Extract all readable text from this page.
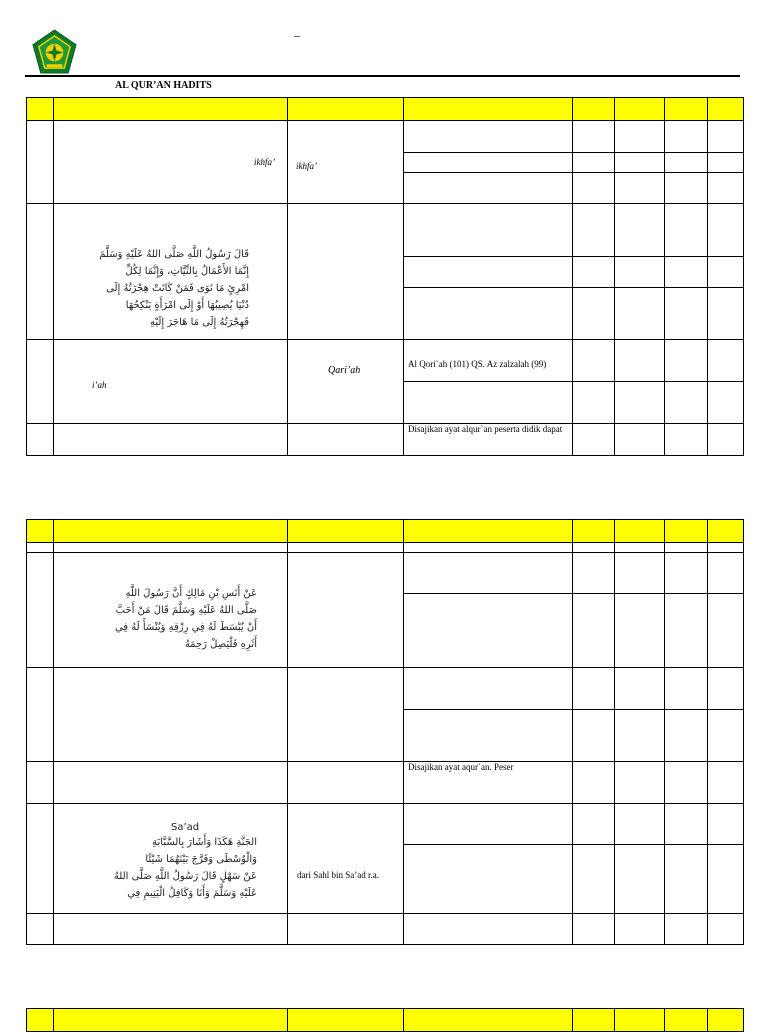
–
AL QUR’AN HADITS

	ikhfa’	ikhfa’					

	قَالَ رَسُولُ اللَّهِ صَلَّى اللهُ عَلَيْهِ وَسَلَّمَ
إِنَّمَا الأَعْمَالُ بِالنِّيَّاتِ، وَإِنَّمَا لِكُلِّ
امْرِئٍ مَا نَوَى فَمَنْ كَانَتْ هِجْرَتُهُ إِلَى
دُنْيَا يُصِيبُهَا أَوْ إِلَى امْرَأَةٍ يَنْكِحُهَا
فَهِجْرَتُهُ إِلَى مَا هَاجَرَ إِلَيْهِ						

	i’ah	Qari’ah	Al Qori`ah (101) QS. Az zalzalah (99)				

			Disajikan ayat alqur`an peserta didik dapat				

	عَنْ أَنَسِ بْنِ مَالِكٍ أَنَّ رَسُولَ اللَّهِ
صَلَّى اللهُ عَلَيْهِ وَسَلَّمَ قَالَ مَنْ أَحَبَّ
أَنْ يُبْسَطَ لَهُ فِي رِزْقِهِ وَيُنْسَأَ لَهُ فِي
أَثَرِهِ فَلْيَصِلْ رَحِمَهُ						

			Disajikan ayat aqur`an. Peser				

	Sa’ad
الجَنَّةِ هَكَذَا وَأَشَارَ بِالسَّبَّابَةِ
وَالْوُسْطَى وَفَرَّجَ بَيْنَهُمَا شَيْئًا
عَنْ سَهْلٍ قَالَ رَسُولُ اللَّهِ صَلَّى اللهُ
عَلَيْهِ وَسَلَّمَ وَأَنَا وَكَافِلُ الْيَتِيمِ فِي	dari Sahl bin Sa’ad r.a.					
